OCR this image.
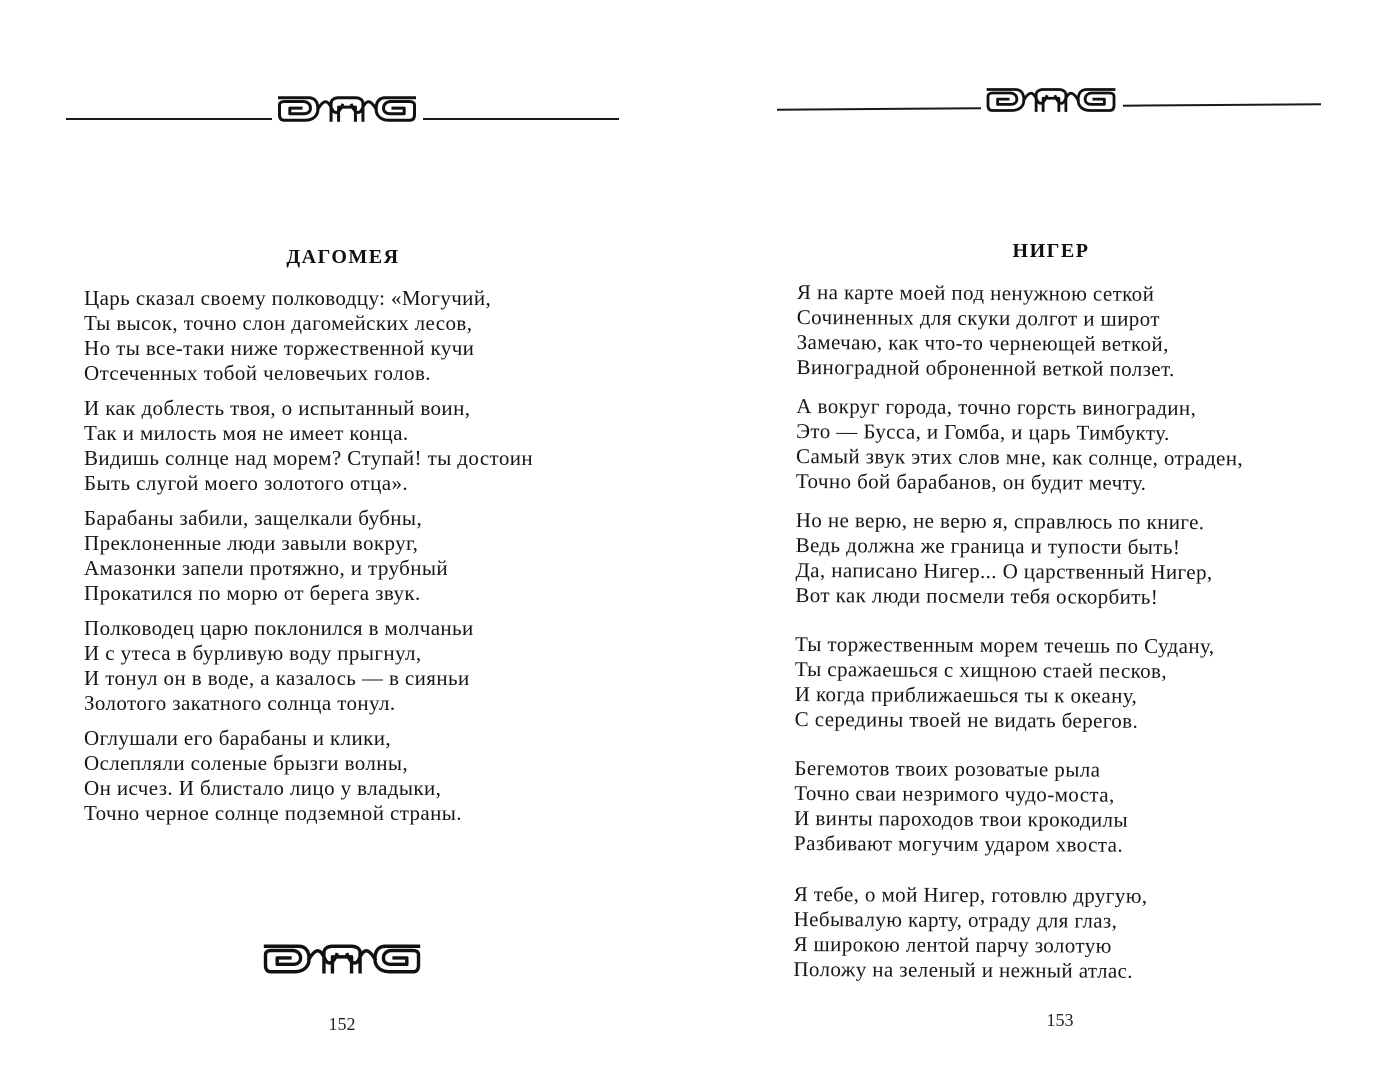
ДАГОМЕЯ
Царь сказал своему полководцу: «Могучий,
Ты высок, точно слон дагомейских лесов,
Но ты все-таки ниже торжественной кучи
Отсеченных тобой человечьих голов.
И как доблесть твоя, о испытанный воин,
Так и милость моя не имеет конца.
Видишь солнце над морем? Ступай! ты достоин
Быть слугой моего золотого отца».
Барабаны забили, защелкали бубны,
Преклоненные люди завыли вокруг,
Амазонки запели протяжно, и трубный
Прокатился по морю от берега звук.
Полководец царю поклонился в молчаньи
И с утеса в бурливую воду прыгнул,
И тонул он в воде, а казалось — в сияньи
Золотого закатного солнца тонул.
Оглушали его барабаны и клики,
Ослепляли соленые брызги волны,
Он исчез. И блистало лицо у владыки,
Точно черное солнце подземной страны.
152
НИГЕР
Я на карте моей под ненужною сеткой
Сочиненных для скуки долгот и широт
Замечаю, как что-то чернеющей веткой,
Виноградной оброненной веткой ползет.
А вокруг города, точно горсть виноградин,
Это — Бусса, и Гомба, и царь Тимбукту.
Самый звук этих слов мне, как солнце, отраден,
Точно бой барабанов, он будит мечту.
Но не верю, не верю я, справлюсь по книге.
Ведь должна же граница и тупости быть!
Да, написано Нигер... О царственный Нигер,
Вот как люди посмели тебя оскорбить!
Ты торжественным морем течешь по Судану,
Ты сражаешься с хищною стаей песков,
И когда приближаешься ты к океану,
С середины твоей не видать берегов.
Бегемотов твоих розоватые рыла
Точно сваи незримого чудо-моста,
И винты пароходов твои крокодилы
Разбивают могучим ударом хвоста.
Я тебе, о мой Нигер, готовлю другую,
Небывалую карту, отраду для глаз,
Я широкою лентой парчу золотую
Положу на зеленый и нежный атлас.
153
